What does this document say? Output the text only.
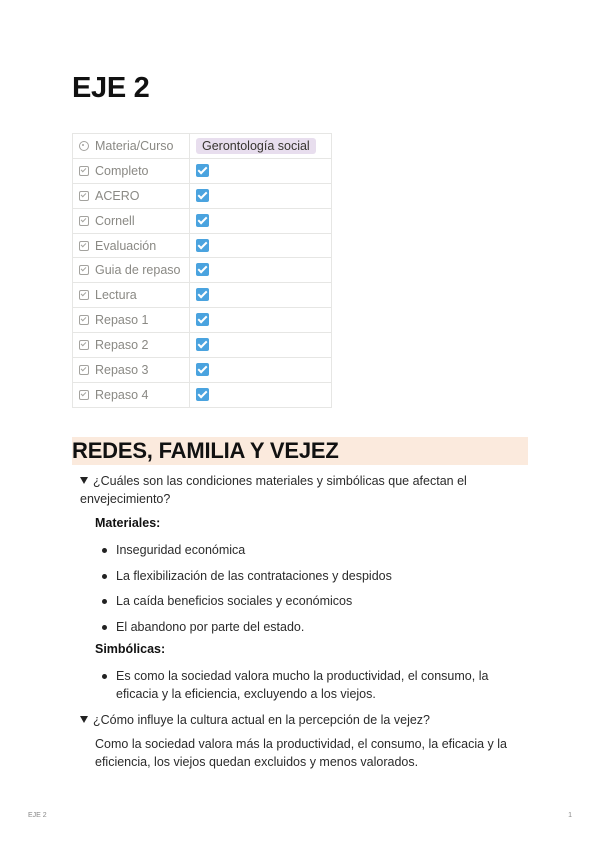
EJE 2
Materia/Curso	Gerontología social
Completo	
ACERO	
Cornell	
Evaluación	
Guia de repaso	
Lectura	
Repaso 1	
Repaso 2	
Repaso 3	
Repaso 4	
REDES, FAMILIA Y VEJEZ
¿Cuáles son las condiciones materiales y simbólicas que afectan el envejecimiento?
Materiales:
Inseguridad económica
La flexibilización de las contrataciones y despidos
La caída beneficios sociales y económicos
El abandono por parte del estado.
Simbólicas:
Es como la sociedad valora mucho la productividad, el consumo, la eficacia y la eficiencia, excluyendo a los viejos.
¿Cómo influye la cultura actual en la percepción de la vejez?
Como la sociedad valora más la productividad, el consumo, la eficacia y la eficiencia, los viejos quedan excluidos y menos valorados.
EJE 2	1
